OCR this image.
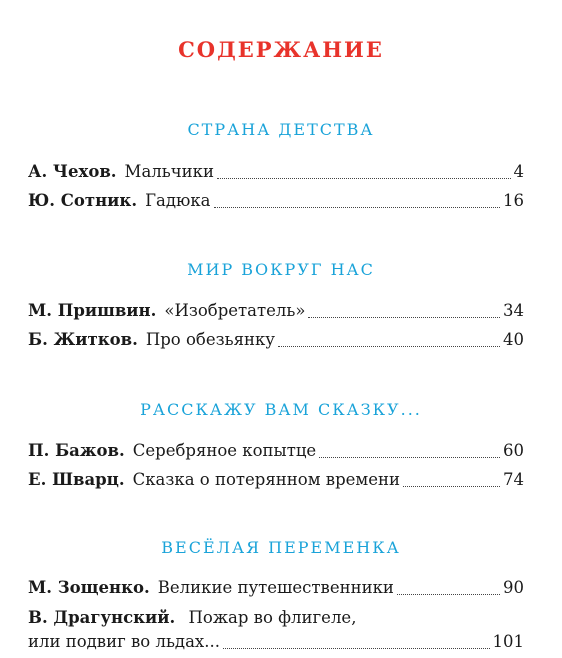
СОДЕРЖАНИЕ
СТРАНА ДЕТСТВА
А. Чехов. Мальчики	4
Ю. Сотник. Гадюка	16
МИР ВОКРУГ НАС
М. Пришвин. «Изобретатель»	34
Б. Житков. Про обезьянку	40
РАССКАЖУ ВАМ СКАЗКУ...
П. Бажов. Серебряное копытце	60
Е. Шварц. Сказка о потерянном времени	74
ВЕСЁЛАЯ ПЕРЕМЕНКА
М. Зощенко. Великие путешественники	90
В. Драгунский. Пожар во флигеле,
или подвиг во льдах...	101
